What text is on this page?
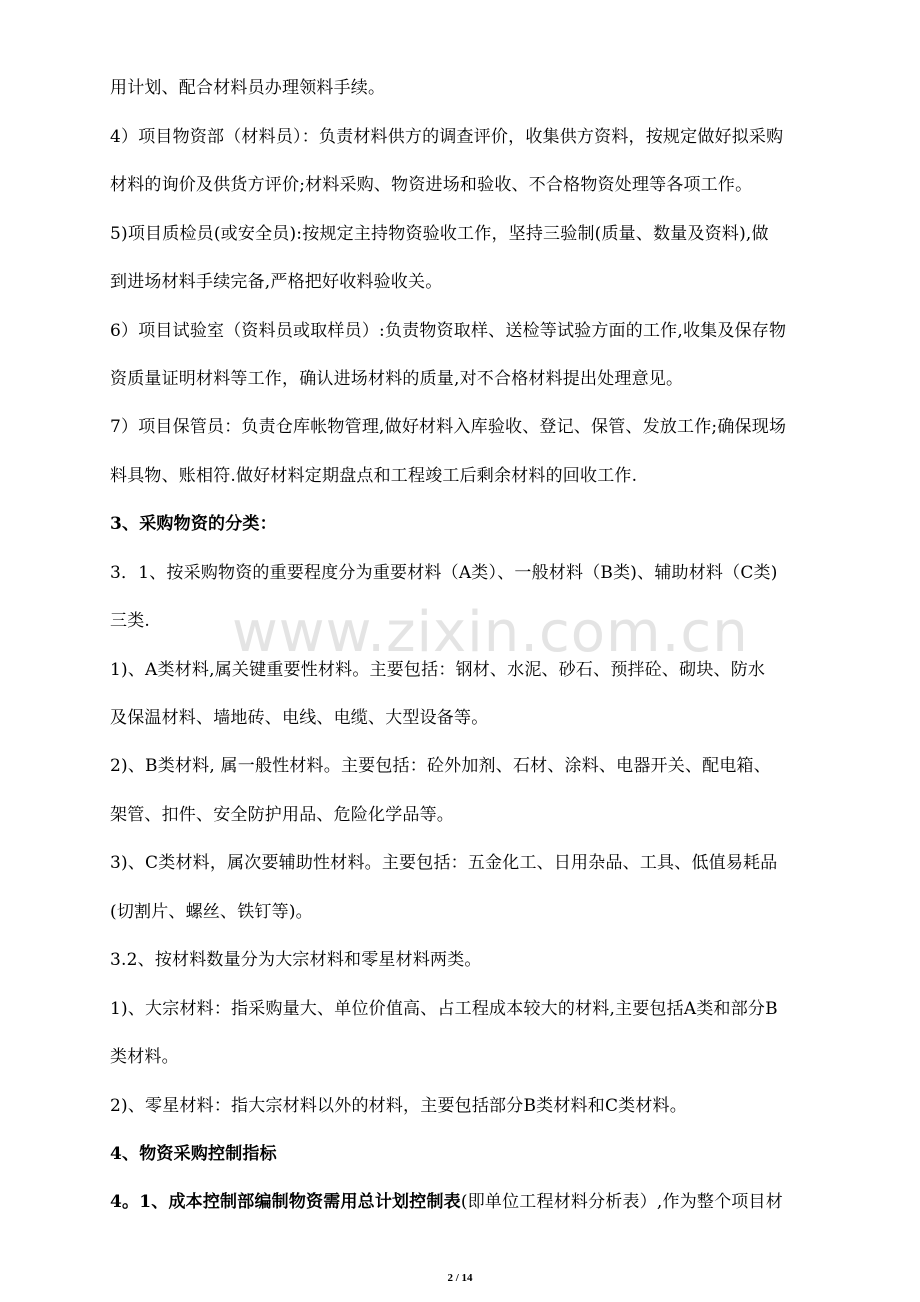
www.zixin.com.cn
用计划、配合材料员办理领料手续。
4）项目物资部（材料员）：负责材料供方的调查评价，收集供方资料，按规定做好拟采购
材料的询价及供货方评价;材料采购、物资进场和验收、不合格物资处理等各项工作。
5)项目质检员(或安全员):按规定主持物资验收工作，坚持三验制(质量、数量及资料),做
到进场材料手续完备,严格把好收料验收关。
6）项目试验室（资料员或取样员）:负责物资取样、送检等试验方面的工作,收集及保存物
资质量证明材料等工作，确认进场材料的质量,对不合格材料提出处理意见。
7）项目保管员：负责仓库帐物管理,做好材料入库验收、登记、保管、发放工作;确保现场
料具物、账相符.做好材料定期盘点和工程竣工后剩余材料的回收工作.
3、采购物资的分类：
3．1、按采购物资的重要程度分为重要材料（A类）、一般材料（B类)、辅助材料（C类)
三类.
1)、A类材料,属关键重要性材料。主要包括：钢材、水泥、砂石、预拌砼、砌块、防水
及保温材料、墙地砖、电线、电缆、大型设备等。
2)、B类材料, 属一般性材料。主要包括：砼外加剂、石材、涂料、电器开关、配电箱、
架管、扣件、安全防护用品、危险化学品等。
3)、C类材料，属次要辅助性材料。主要包括：五金化工、日用杂品、工具、低值易耗品
(切割片、螺丝、铁钉等)。
3.2、按材料数量分为大宗材料和零星材料两类。
1)、大宗材料：指采购量大、单位价值高、占工程成本较大的材料,主要包括A类和部分B
类材料。
2)、零星材料：指大宗材料以外的材料，主要包括部分B类材料和C类材料。
4、物资采购控制指标
4。1、成本控制部编制物资需用总计划控制表(即单位工程材料分析表）,作为整个项目材
2 / 14
